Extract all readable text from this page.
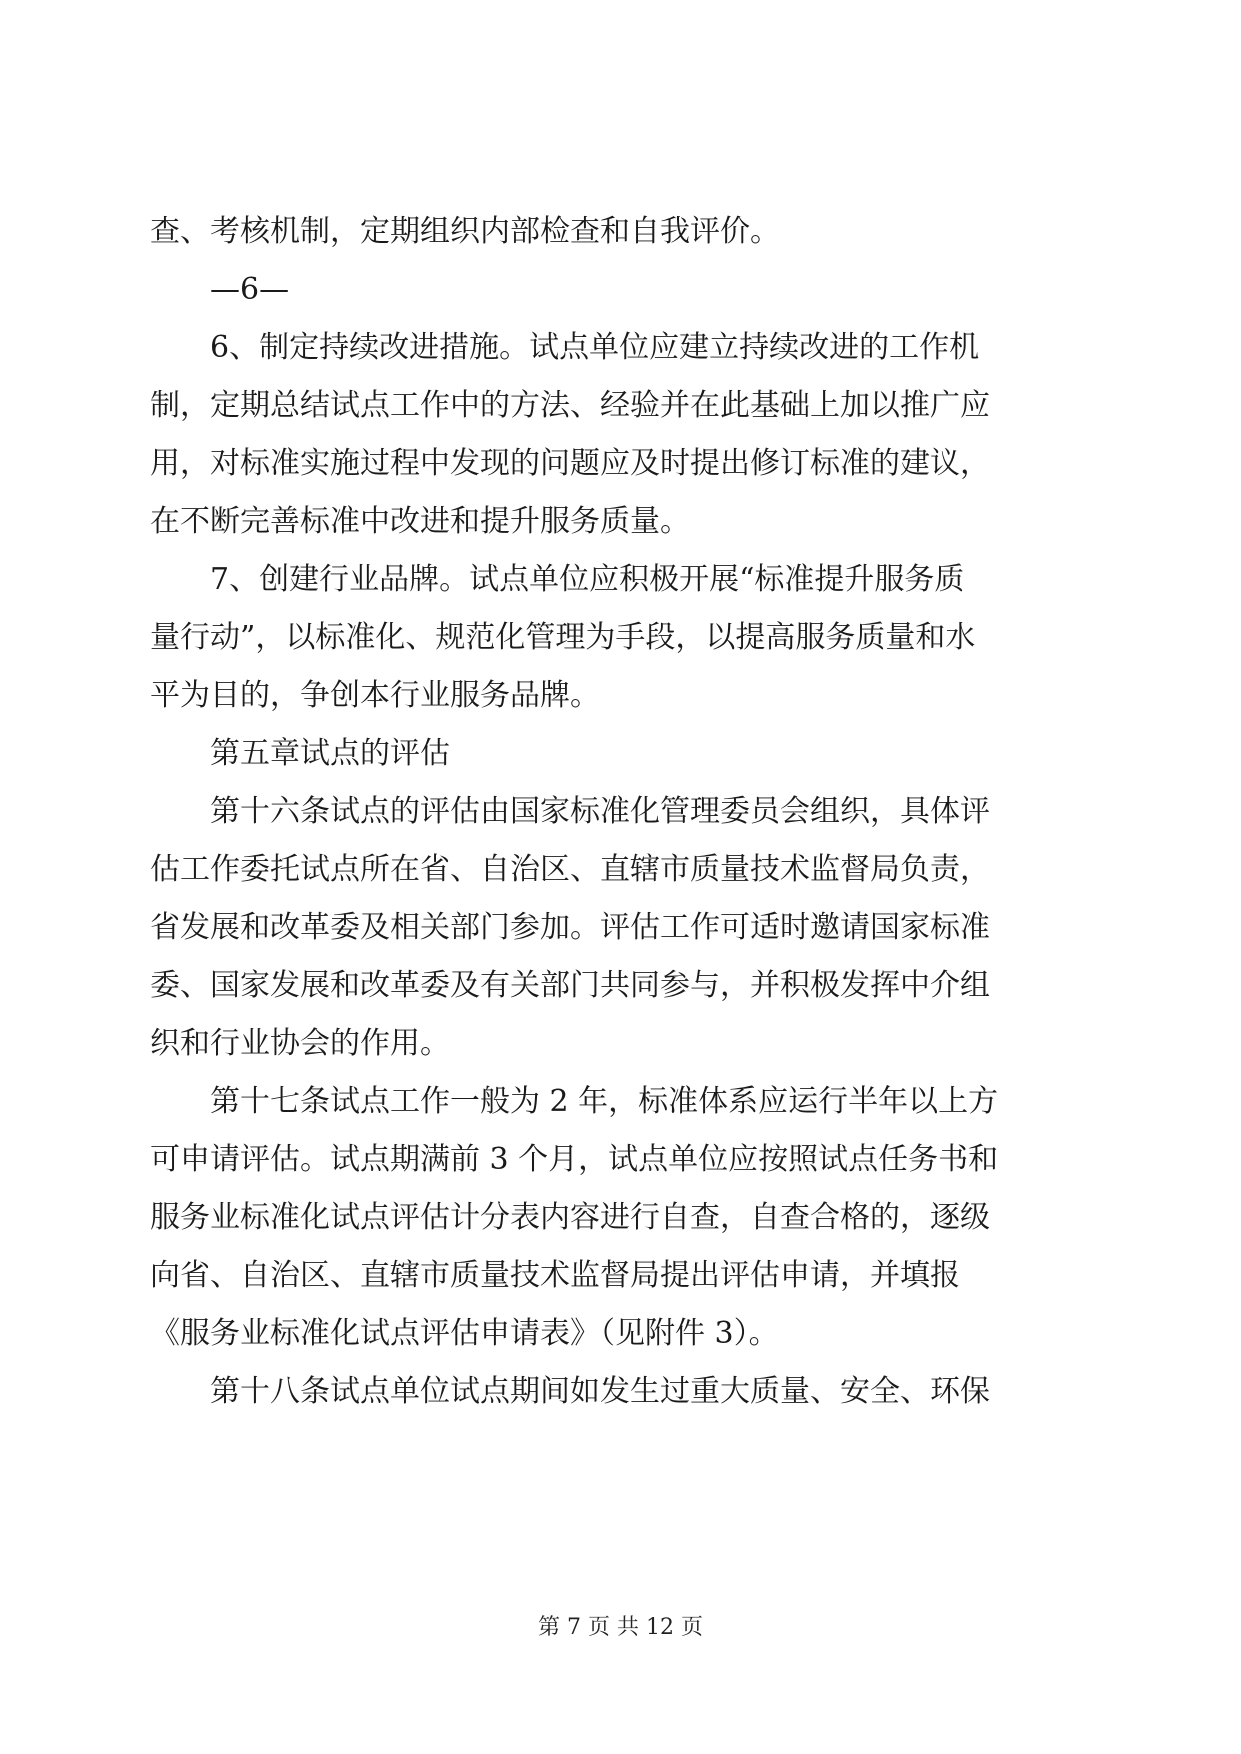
查、考核机制，定期组织内部检查和自我评价。
—6—
6、制定持续改进措施。试点单位应建立持续改进的工作机
制，定期总结试点工作中的方法、经验并在此基础上加以推广应
用，对标准实施过程中发现的问题应及时提出修订标准的建议，
在不断完善标准中改进和提升服务质量。
7、创建行业品牌。试点单位应积极开展“标准提升服务质
量行动”，以标准化、规范化管理为手段，以提高服务质量和水
平为目的，争创本行业服务品牌。
第五章试点的评估
第十六条试点的评估由国家标准化管理委员会组织，具体评
估工作委托试点所在省、自治区、直辖市质量技术监督局负责，
省发展和改革委及相关部门参加。评估工作可适时邀请国家标准
委、国家发展和改革委及有关部门共同参与，并积极发挥中介组
织和行业协会的作用。
第十七条试点工作一般为 2 年，标准体系应运行半年以上方
可申请评估。试点期满前 3 个月，试点单位应按照试点任务书和
服务业标准化试点评估计分表内容进行自查，自查合格的，逐级
向省、自治区、直辖市质量技术监督局提出评估申请，并填报
《服务业标准化试点评估申请表》（见附件 3）。
第十八条试点单位试点期间如发生过重大质量、安全、环保
第 7 页 共 12 页
